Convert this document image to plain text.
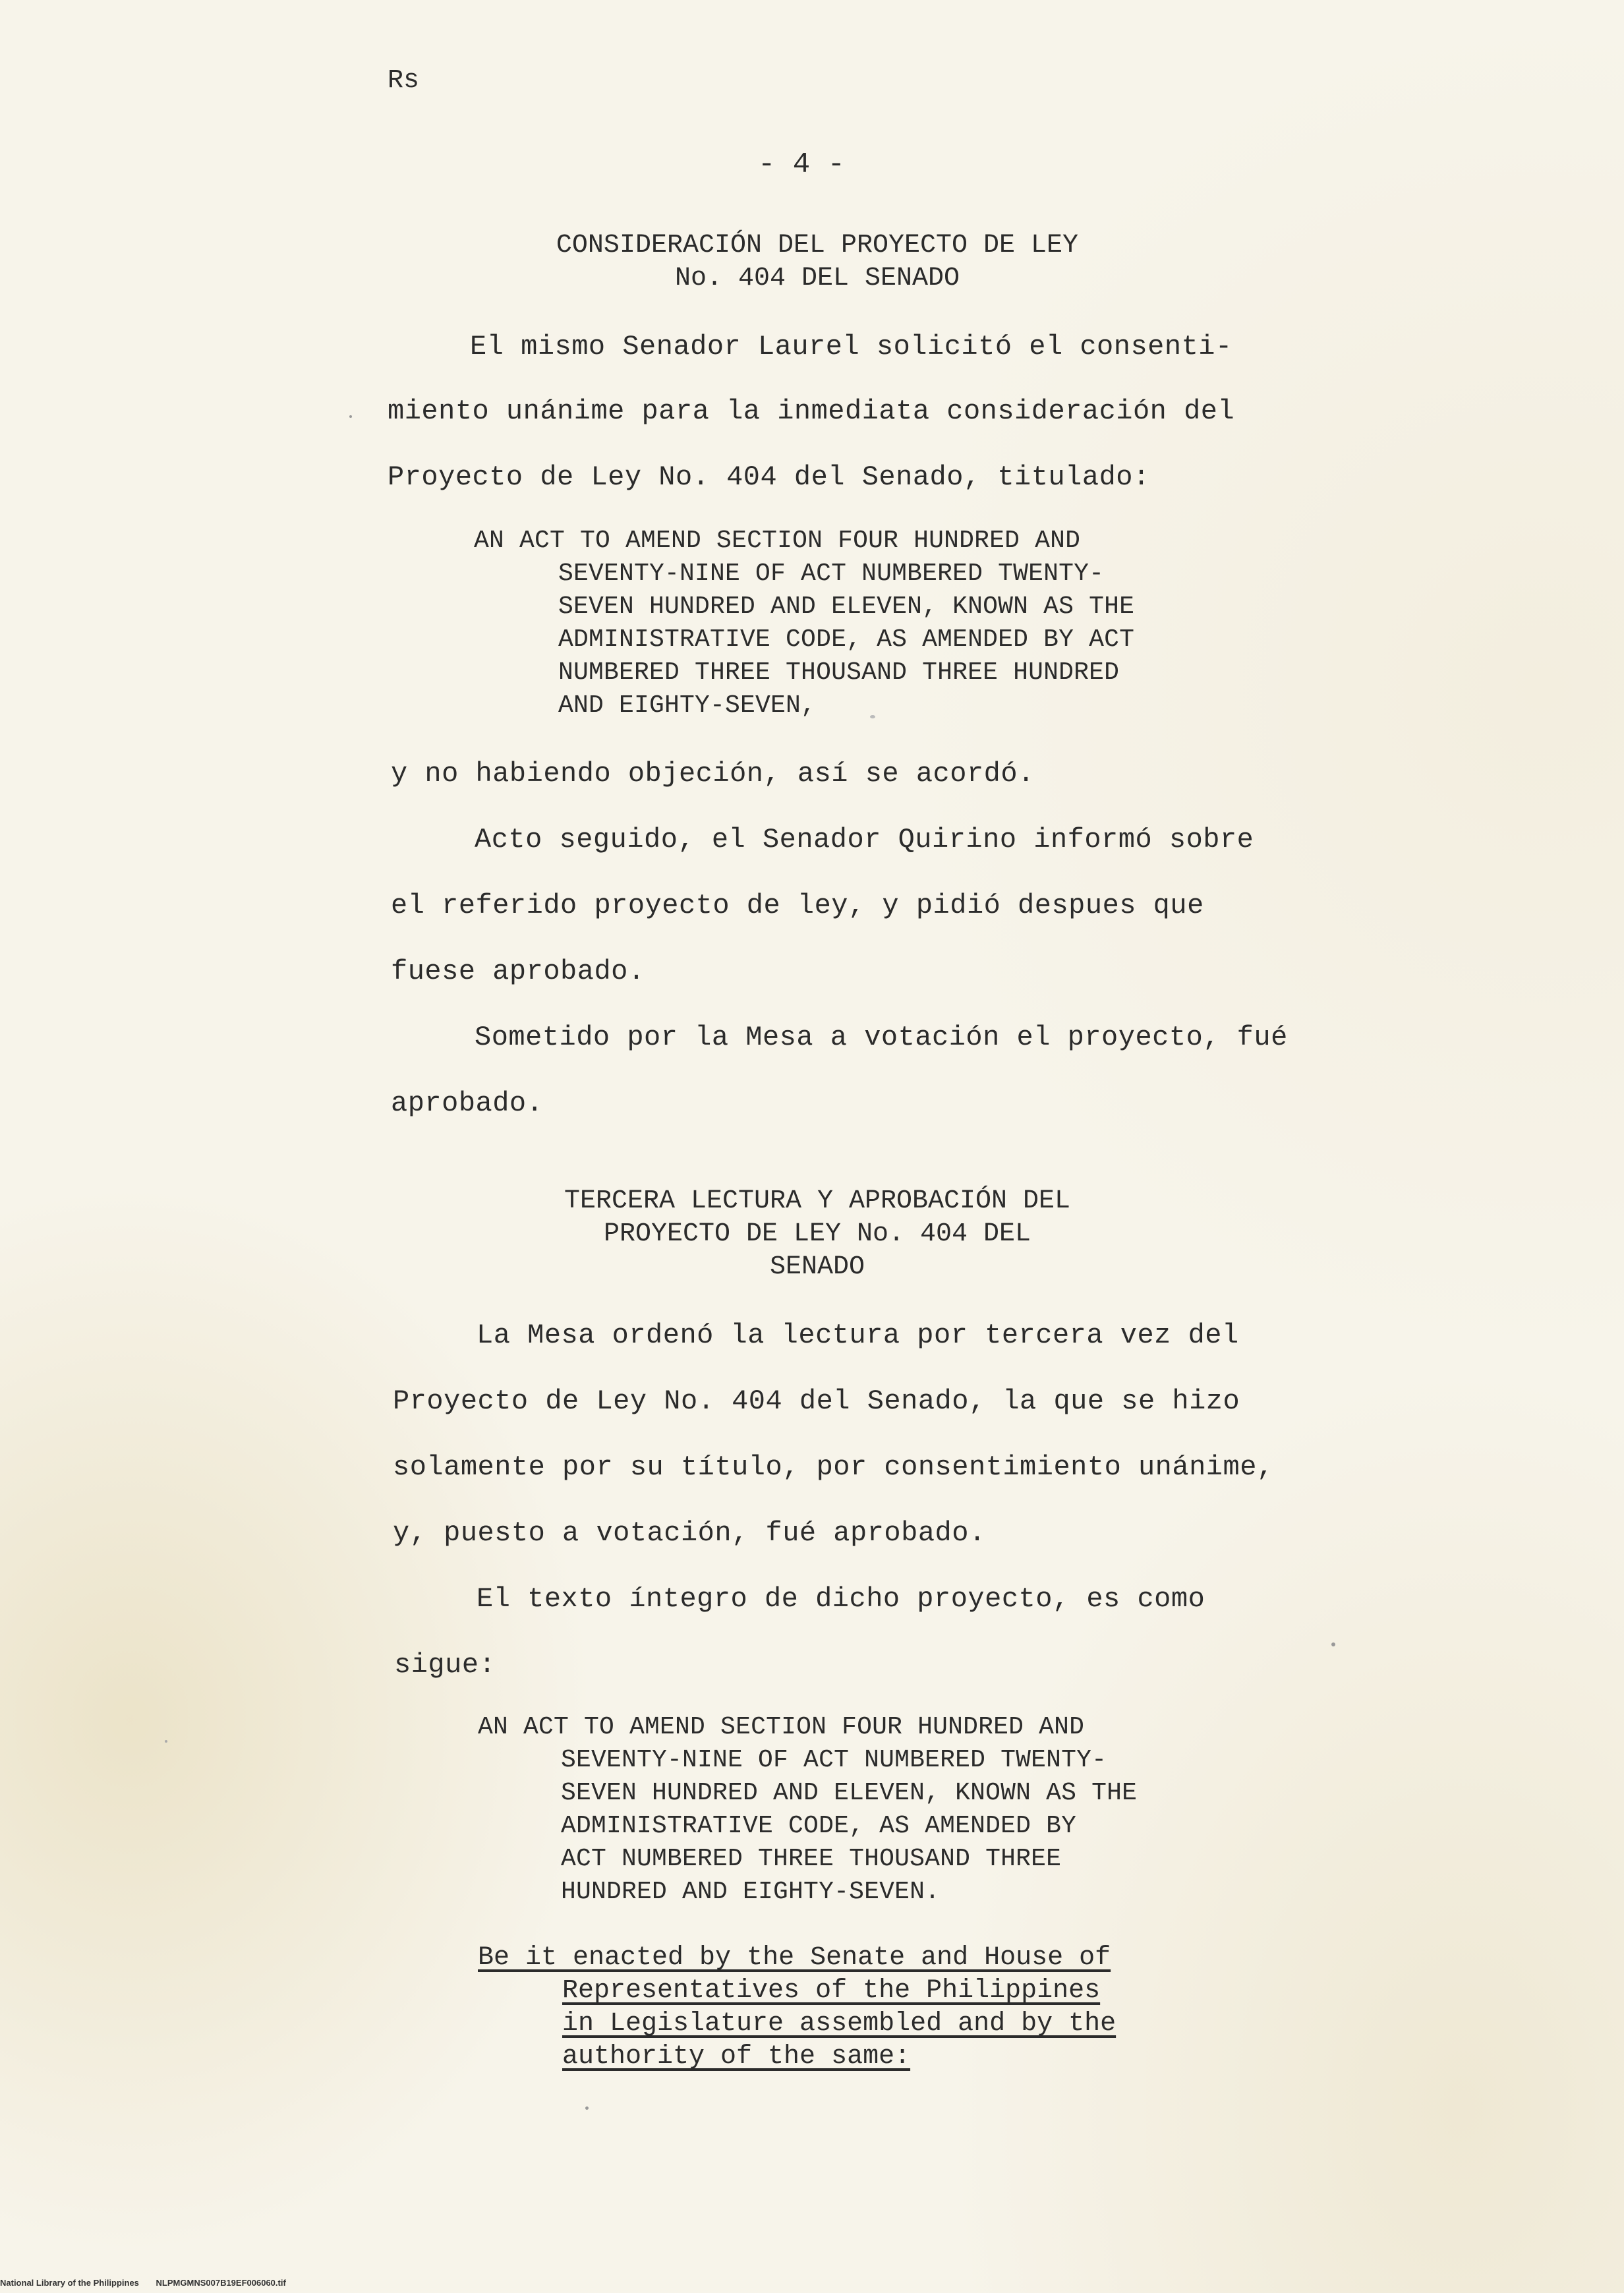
Rs
- 4 -
CONSIDERACIÓN DEL PROYECTO DE LEY
No. 404 DEL SENADO
El mismo Senador Laurel solicitó el consenti-
miento unánime para la inmediata consideración del
Proyecto de Ley No. 404 del Senado, titulado:
AN ACT TO AMEND SECTION FOUR HUNDRED AND
SEVENTY-NINE OF ACT NUMBERED TWENTY-
SEVEN HUNDRED AND ELEVEN, KNOWN AS THE
ADMINISTRATIVE CODE, AS AMENDED BY ACT
NUMBERED THREE THOUSAND THREE HUNDRED
AND EIGHTY-SEVEN,
y no habiendo objeción, así se acordó.
Acto seguido, el Senador Quirino informó sobre
el referido proyecto de ley, y pidió despues que
fuese aprobado.
Sometido por la Mesa a votación el proyecto, fué
aprobado.
TERCERA LECTURA Y APROBACIÓN DEL
PROYECTO DE LEY No. 404 DEL
SENADO
La Mesa ordenó la lectura por tercera vez del
Proyecto de Ley No. 404 del Senado, la que se hizo
solamente por su título, por consentimiento unánime,
y, puesto a votación, fué aprobado.
El texto íntegro de dicho proyecto, es como
sigue:
AN ACT TO AMEND SECTION FOUR HUNDRED AND
SEVENTY-NINE OF ACT NUMBERED TWENTY-
SEVEN HUNDRED AND ELEVEN, KNOWN AS THE
ADMINISTRATIVE CODE, AS AMENDED BY
ACT NUMBERED THREE THOUSAND THREE
HUNDRED AND EIGHTY-SEVEN.
Be it enacted by the Senate and House of
Representatives of the Philippines
in Legislature assembled and by the
authority of the same:
National Library of the Philippines NLPMGMNS007B19EF006060.tif
